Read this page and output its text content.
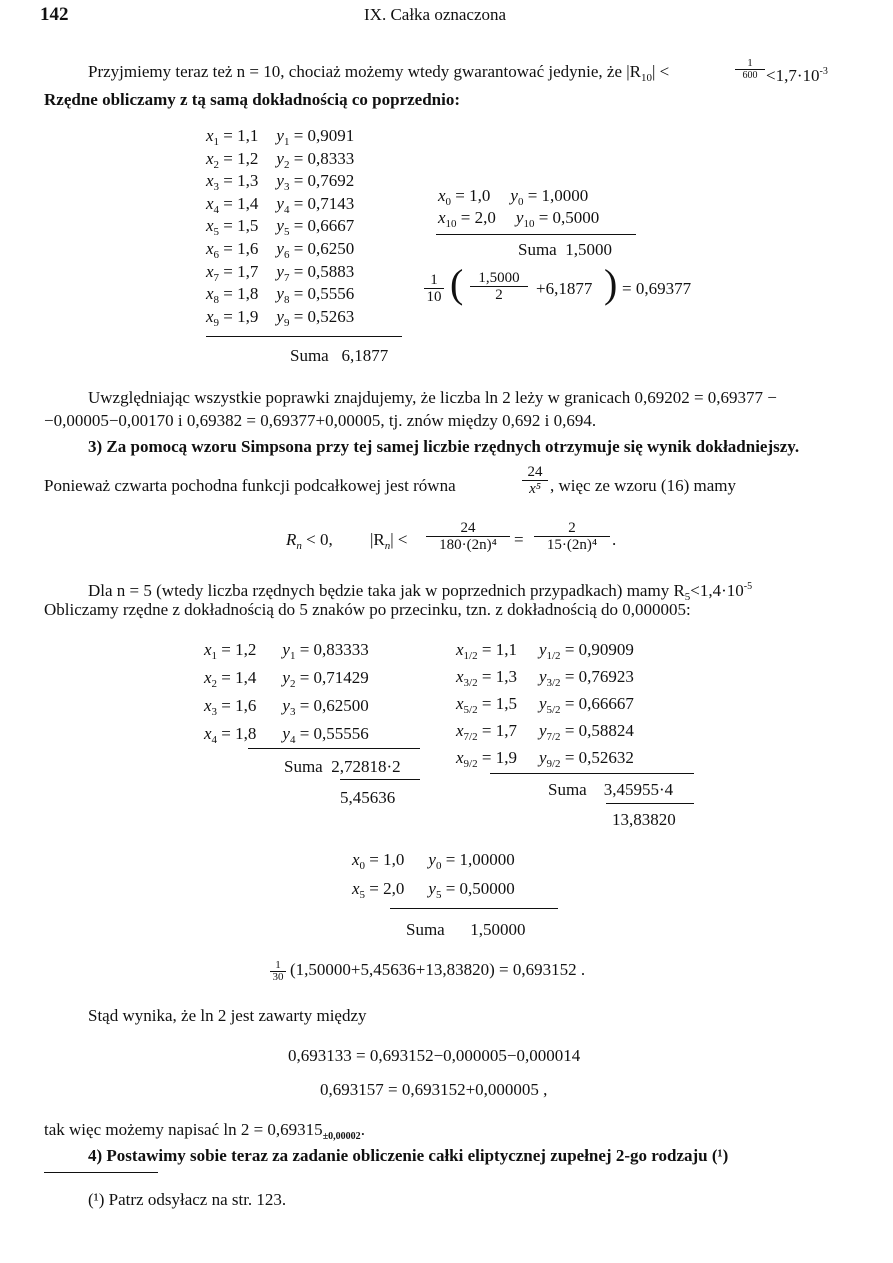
142	IX. Całka oznaczona
Przyjmiemy teraz też n = 10, chociaż możemy wtedy gwarantować jedynie, że $|R_{10}|$ <	$\frac{1}{600} <1,7\cdot 10^{-3}$
Rzędne obliczamy z tą samą dokładnością co poprzednio:
$x_1 = 1,1$ $y_1 = 0,9091$
$x_2 = 1,2$ $y_2 = 0,8333$
$x_3 = 1,3$ $y_3 = 0,7692$
$x_4 = 1,4$ $y_4 = 0,7143$
$x_5 = 1,5$ $y_5 = 0,6667$
$x_6 = 1,6$ $y_6 = 0,6250$
$x_7 = 1,7$ $y_7 = 0,5883$
$x_8 = 1,8$ $y_8 = 0,5556$
$x_9 = 1,9$ $y_9 = 0,5263$
Suma 6,1877
$x_0 = 1,0$ $y_0 = 1,0000$
$x_{10} = 2,0$ $y_{10} = 0,5000$
Suma 1,5000
$\frac{1}{10}$ ( $\frac{1,5000}{2} +6,1877$ ) = 0,69377
Uwzględniając wszystkie poprawki znajdujemy, że liczba ln 2 leży w granicach 0,69202 = 0,69377 −
−0,00005−0,00170 i 0,69382 = 0,69377+0,00005, tj. znów między 0,692 i 0,694.
3) Za pomocą wzoru Simpsona przy tej samej liczbie rzędnych otrzymuje się wynik dokładniejszy.
Ponieważ czwarta pochodna funkcji podcałkowej jest równa	$\frac{24}{\text{x⁵}}$ , więc ze wzoru (16) mamy
$R_n < 0$, $|R_n| < \frac{24}{\text{180·(2n)⁴}} = \frac{2}{\text{15·(2n)⁴}}$ .
Dla n = 5 (wtedy liczba rzędnych będzie taka jak w poprzednich przypadkach) mamy $R_5<1,4\cdot 10^{-5}$
Obliczamy rzędne z dokładnością do 5 znaków po przecinku, tzn. z dokładnością do 0,000005:
$x_1 = 1,2$ $y_1 = 0,83333$
$x_2 = 1,4$ $y_2 = 0,71429$
$x_3 = 1,6$ $y_3 = 0,62500$
$x_4 = 1,8$ $y_4 = 0,55556$
Suma 2,72818·2
5,45636
$x_{1/2} = 1,1$ $y_{1/2} = 0,90909$
$x_{3/2} = 1,3$ $y_{3/2} = 0,76923$
$x_{5/2} = 1,5$ $y_{5/2} = 0,66667$
$x_{7/2} = 1,7$ $y_{7/2} = 0,58824$
$x_{9/2} = 1,9$ $y_{9/2} = 0,52632$
Suma 3,45955·4
13,83820
$x_0 = 1,0$ $y_0 = 1,00000$
$x_5 = 2,0$ $y_5 = 0,50000$
Suma 1,50000
$\frac{1}{30} (1,50000+5,45636+13,83820) = 0,693152$ .
Stąd wynika, że ln 2 jest zawarty między
0,693133 = 0,693152−0,000005−0,000014
0,693157 = 0,693152+0,000005 ,
tak więc możemy napisać $\ln 2 = 0,69315_{\pm 0,00002}$.
4) Postawimy sobie teraz za zadanie obliczenie całki eliptycznej zupełnej 2-go rodzaju (¹)
(¹) Patrz odsyłacz na str. 123.
